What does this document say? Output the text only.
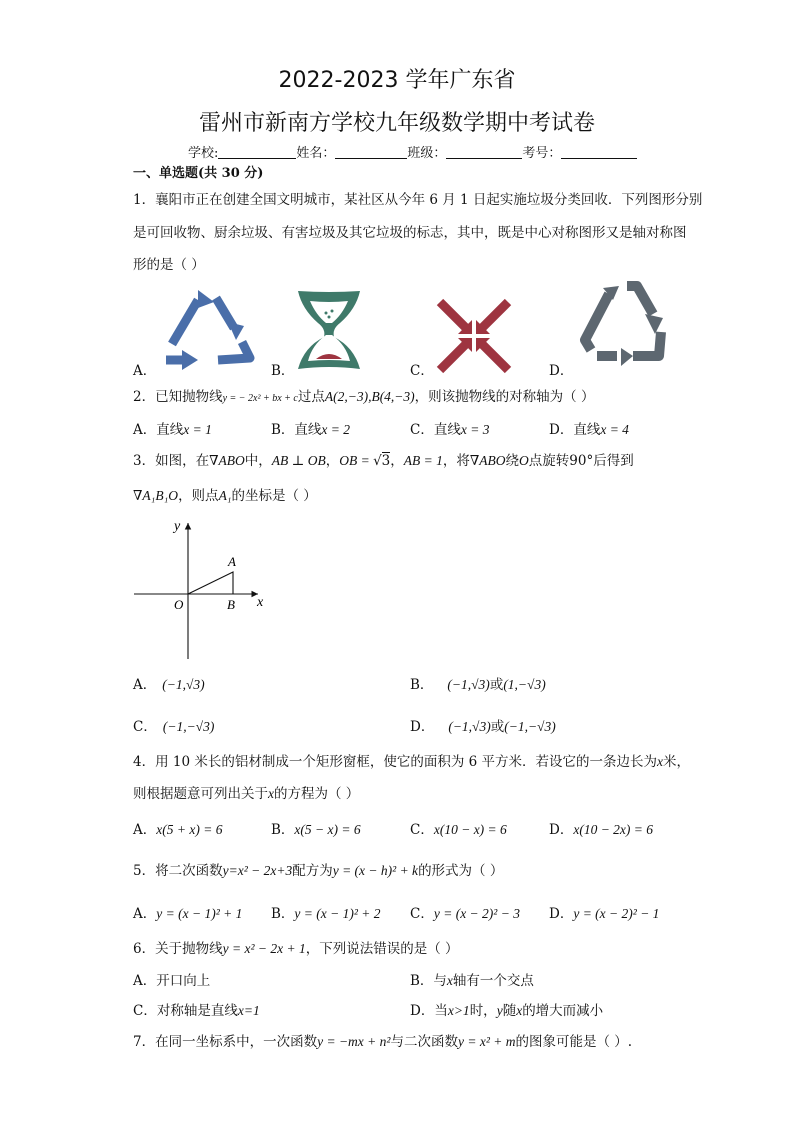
2022-2023 学年广东省
雷州市新南方学校九年级数学期中考试卷
学校:	姓名：	班级：	考号：
一、单选题(共 30 分)
1．襄阳市正在创建全国文明城市，某社区从今年 6 月 1 日起实施垃圾分类回收．下列图形分别
是可回收物、厨余垃圾、有害垃圾及其它垃圾的标志，其中，既是中心对称图形又是轴对称图
形的是（ ）
A．	B．	C．	D．
2．已知抛物线y = − 2x² + bx + c过点A(2,−3),B(4,−3)，则该抛物线的对称轴为（ ）
A．直线x = 1	B．直线x = 2	C．直线x = 3	D．直线x = 4
3．如图，在∇ABO中，AB ⊥ OB，OB = √3，AB = 1，将∇ABO绕O点旋转90°后得到
∇A₁B₁O，则点A₁的坐标是（ ）
y
x
A
O	B
A． (−1,√3)	B． (−1,√3)或(1,−√3)
C． (−1,−√3)	D． (−1,√3)或(−1,−√3)
4．用 10 米长的铝材制成一个矩形窗框，使它的面积为 6 平方米．若设它的一条边长为x米，
则根据题意可列出关于x的方程为（ ）
A．x(5 + x) = 6	B．x(5 − x) = 6	C．x(10 − x) = 6	D．x(10 − 2x) = 6
5．将二次函数y=x² − 2x+3配方为y = (x − h)² + k的形式为（ ）
A．y = (x − 1)² + 1 B．y = (x − 1)² + 2 C．y = (x − 2)² − 3 D．y = (x − 2)² − 1
6．关于抛物线y = x² − 2x + 1，下列说法错误的是（ ）
A．开口向上	B．与x轴有一个交点
C．对称轴是直线x=1	D．当x>1时，y随x的增大而减小
7．在同一坐标系中，一次函数y = −mx + n²与二次函数y = x² + m的图象可能是（ ）.
